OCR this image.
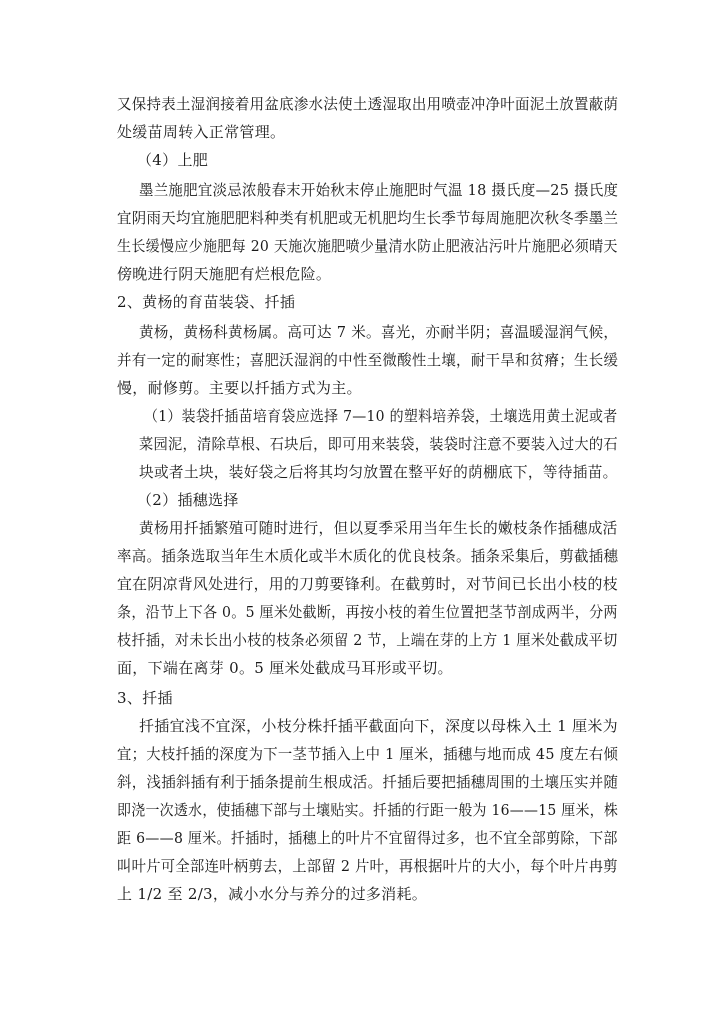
又保持表土湿润接着用盆底渗水法使土透湿取出用喷壶冲净叶面泥土放置蔽荫
处缓苗周转入正常管理。
（4）上肥
墨兰施肥宜淡忌浓般春末开始秋末停止施肥时气温 18 摄氏度—25 摄氏度
宜阴雨天均宜施肥肥料种类有机肥或无机肥均生长季节每周施肥次秋冬季墨兰
生长缓慢应少施肥每 20 天施次施肥喷少量清水防止肥液沾污叶片施肥必须晴天
傍晚进行阴天施肥有烂根危险。
2、黄杨的育苗装袋、扦插
黄杨，黄杨科黄杨属。高可达 7 米。喜光，亦耐半阴；喜温暖湿润气候，
并有一定的耐寒性；喜肥沃湿润的中性至微酸性土壤，耐干旱和贫瘠；生长缓
慢，耐修剪。主要以扦插方式为主。
（1）装袋扦插苗培育袋应选择 7—10 的塑料培养袋，土壤选用黄土泥或者
菜园泥，清除草根、石块后，即可用来装袋，装袋时注意不要装入过大的石
块或者土块，装好袋之后将其均匀放置在整平好的荫棚底下，等待插苗。
（2）插穗选择
黄杨用扦插繁殖可随时进行，但以夏季采用当年生长的嫩枝条作插穗成活
率高。插条选取当年生木质化或半木质化的优良枝条。插条采集后，剪截插穗
宜在阴凉背风处进行，用的刀剪要锋利。在截剪时，对节间已长出小枝的枝
条，沿节上下各 0。5 厘米处截断，再按小枝的着生位置把茎节剖成两半，分两
枝扦插，对未长出小枝的枝条必须留 2 节，上端在芽的上方 1 厘米处截成平切
面，下端在离芽 0。5 厘米处截成马耳形或平切。
3、扦插
扦插宜浅不宜深，小枝分株扦插平截面向下，深度以母株入土 1 厘米为
宜；大枝扦插的深度为下一茎节插入上中 1 厘米，插穗与地而成 45 度左右倾
斜，浅插斜插有利于插条提前生根成活。扦插后要把插穗周围的土壤压实并随
即浇一次透水，使插穗下部与土壤贴实。扦插的行距一般为 16——15 厘米，株
距 6——8 厘米。扦插时，插穗上的叶片不宜留得过多，也不宜全部剪除，下部
叫叶片可全部连叶柄剪去，上部留 2 片叶，再根据叶片的大小，每个叶片冉剪
上 1/2 至 2/3，减小水分与养分的过多消耗。
